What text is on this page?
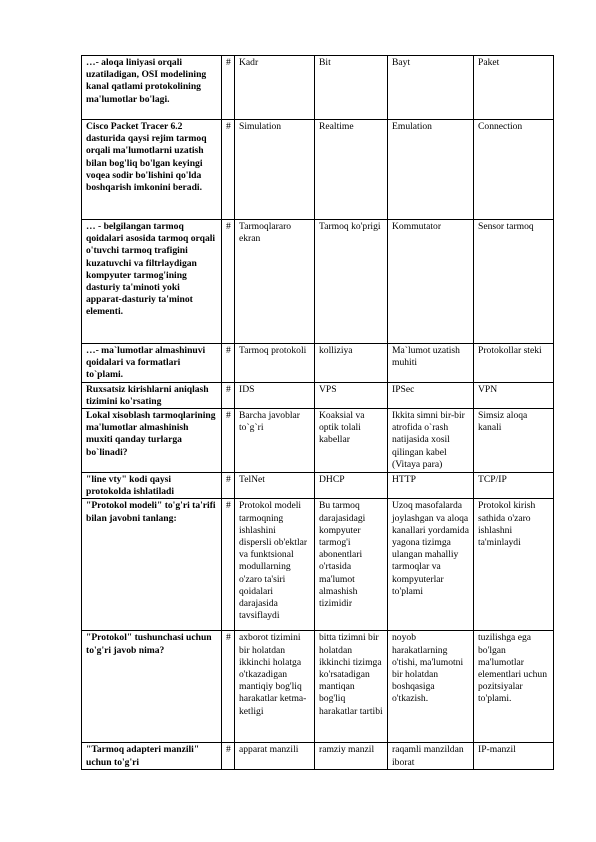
…- aloqa liniyasi orqali uzatiladigan, OSI modelining kanal qatlami protokolining ma'lumotlar bo'lagi.	#	Kadr	Bit	Bayt	Paket
Cisco Packet Tracer 6.2 dasturida qaysi rejim tarmoq orqali ma'lumotlarni uzatish bilan bog'liq bo'lgan keyingi voqea sodir bo'lishini qo'lda boshqarish imkonini beradi.	#	Simulation	Realtime	Emulation	Connection
… - belgilangan tarmoq qoidalari asosida tarmoq orqali o'tuvchi tarmoq trafigini kuzatuvchi va filtrlaydigan kompyuter tarmog'ining dasturiy ta'minoti yoki apparat-dasturiy ta'minot elementi.	#	Tarmoqlararo ekran	Tarmoq ko'prigi	Kommutator	Sensor tarmoq
…- ma`lumotlar almashinuvi qoidalari va formatlari to`plami.	#	Tarmoq protokoli	kolliziya	Ma`lumot uzatish muhiti	Protokollar steki
Ruxsatsiz kirishlarni aniqlash tizimini ko'rsating	#	IDS	VPS	IPSec	VPN
Lokal xisoblash tarmoqlarining ma'lumotlar almashinish muxiti qanday turlarga bo`linadi?	#	Barcha javoblar to`g`ri	Koaksial va optik tolali kabellar	Ikkita simni bir-bir atrofida o`rash natijasida xosil qilingan kabel (Vitaya para)	Simsiz aloqa kanali
"line vty" kodi qaysi protokolda ishlatiladi	#	TelNet	DHCP	HTTP	TCP/IP
"Protokol modeli" to'g'ri ta'rifi bilan javobni tanlang:	#	Protokol modeli tarmoqning ishlashini dispersli ob'ektlar va funktsional modullarning o'zaro ta'siri qoidalari darajasida tavsiflaydi	Bu tarmoq darajasidagi kompyuter tarmog'i abonentlari o'rtasida ma'lumot almashish tizimidir	Uzoq masofalarda joylashgan va aloqa kanallari yordamida yagona tizimga ulangan mahalliy tarmoqlar va kompyuterlar to'plami	Protokol kirish sathida o'zaro ishlashni ta'minlaydi
"Protokol" tushunchasi uchun to'g'ri javob nima?	#	axborot tizimini bir holatdan ikkinchi holatga o'tkazadigan mantiqiy bog'liq harakatlar ketma-ketligi	bitta tizimni bir holatdan ikkinchi tizimga ko'rsatadigan mantiqan bog'liq harakatlar tartibi	noyob harakatlarning o'tishi, ma'lumotni bir holatdan boshqasiga o'tkazish.	tuzilishga ega bo'lgan ma'lumotlar elementlari uchun pozitsiyalar to'plami.
"Tarmoq adapteri manzili" uchun to'g'ri	#	apparat manzili	ramziy manzil	raqamli manzildan iborat	IP-manzil
